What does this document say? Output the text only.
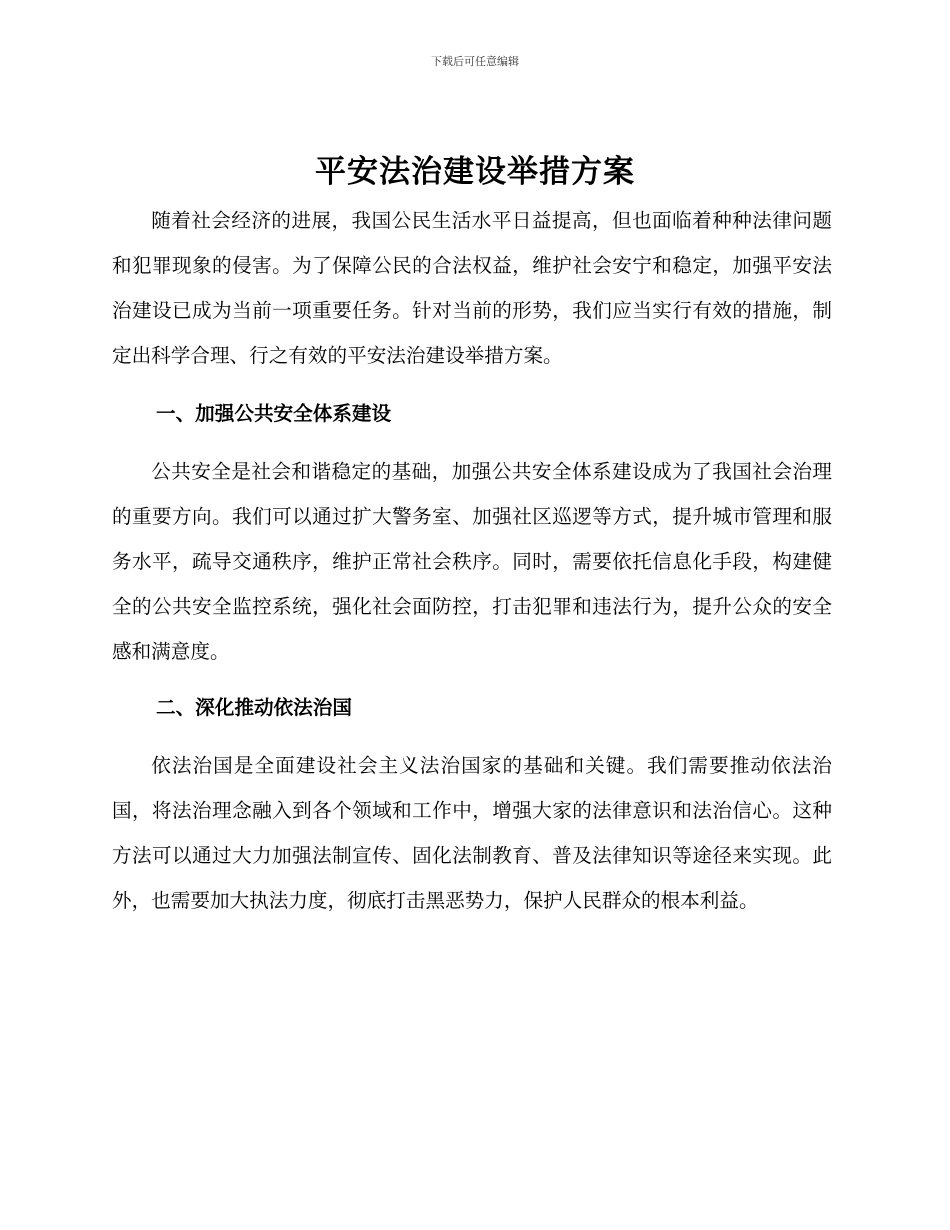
下载后可任意编辑
平安法治建设举措方案

随着社会经济的进展，我国公民生活水平日益提高，但也面临着种种法律问题和犯罪现象的侵害。为了保障公民的合法权益，维护社会安宁和稳定，加强平安法治建设已成为当前一项重要任务。针对当前的形势，我们应当实行有效的措施，制定出科学合理、行之有效的平安法治建设举措方案。

一、加强公共安全体系建设

公共安全是社会和谐稳定的基础，加强公共安全体系建设成为了我国社会治理的重要方向。我们可以通过扩大警务室、加强社区巡逻等方式，提升城市管理和服务水平，疏导交通秩序，维护正常社会秩序。同时，需要依托信息化手段，构建健全的公共安全监控系统，强化社会面防控，打击犯罪和违法行为，提升公众的安全感和满意度。

二、深化推动依法治国

依法治国是全面建设社会主义法治国家的基础和关键。我们需要推动依法治国，将法治理念融入到各个领域和工作中，增强大家的法律意识和法治信心。这种方法可以通过大力加强法制宣传、固化法制教育、普及法律知识等途径来实现。此外，也需要加大执法力度，彻底打击黑恶势力，保护人民群众的根本利益。
